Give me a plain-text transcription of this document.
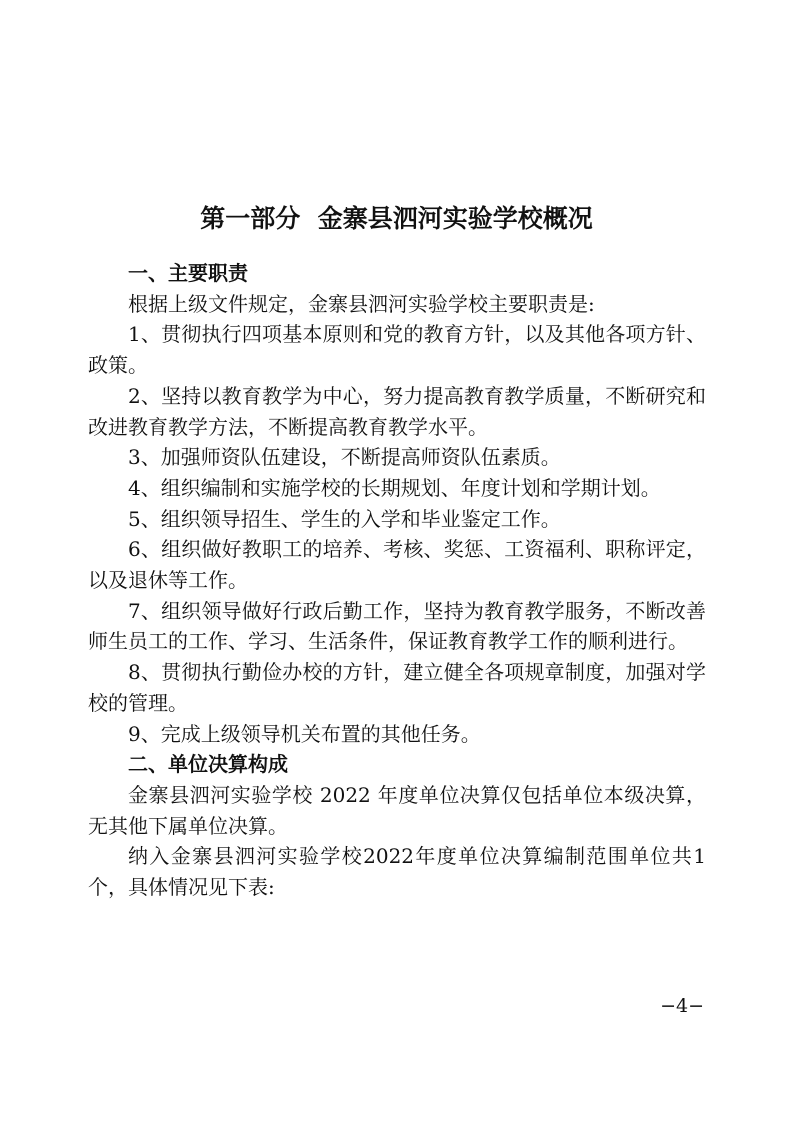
第一部分  金寨县泗河实验学校概况

一、主要职责

根据上级文件规定，金寨县泗河实验学校主要职责是:

1、贯彻执行四项基本原则和党的教育方针，以及其他各项方针、政策。

2、坚持以教育教学为中心，努力提高教育教学质量，不断研究和改进教育教学方法，不断提高教育教学水平。

3、加强师资队伍建设，不断提高师资队伍素质。

4、组织编制和实施学校的长期规划、年度计划和学期计划。

5、组织领导招生、学生的入学和毕业鉴定工作。

6、组织做好教职工的培养、考核、奖惩、工资福利、职称评定，以及退休等工作。

7、组织领导做好行政后勤工作，坚持为教育教学服务，不断改善师生员工的工作、学习、生活条件，保证教育教学工作的顺利进行。

8、贯彻执行勤俭办校的方针，建立健全各项规章制度，加强对学校的管理。

9、完成上级领导机关布置的其他任务。

二、单位决算构成

金寨县泗河实验学校 2022 年度单位决算仅包括单位本级决算，无其他下属单位决算。

纳入金寨县泗河实验学校2022年度单位决算编制范围单位共1个，具体情况见下表:

−4−
